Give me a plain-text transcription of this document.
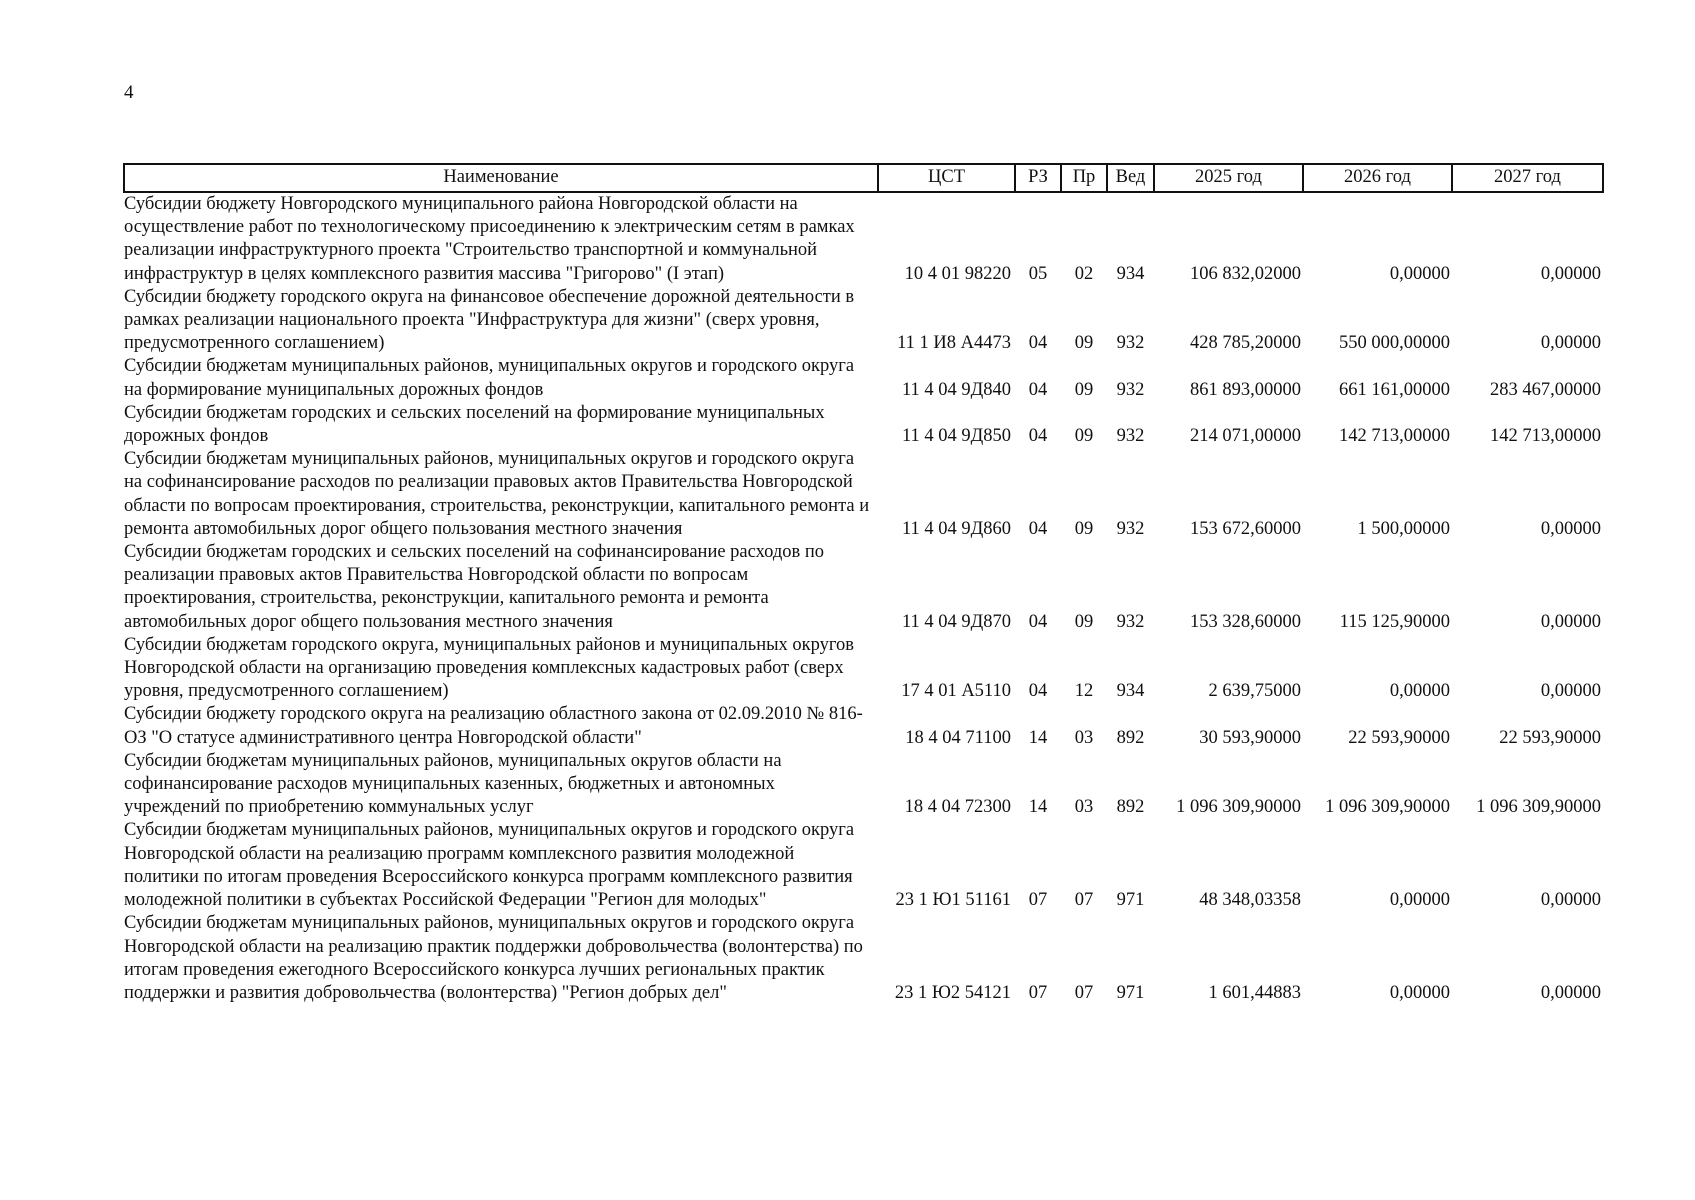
4
Наименование	ЦСТ	РЗ	Пр	Вед	2025 год	2026 год	2027 год
Субсидии бюджету Новгородского муниципального района Новгородской области на осуществление работ по технологическому присоединению к электрическим сетям в рамках реализации инфраструктурного проекта "Строительство транспортной и коммунальной инфраструктур в целях комплексного развития массива "Григорово" (I этап)	10 4 01 98220	05	02	934	106 832,02000	0,00000	0,00000
Субсидии бюджету городского округа на финансовое обеспечение дорожной деятельности в рамках реализации национального проекта "Инфраструктура для жизни" (сверх уровня, предусмотренного соглашением)	11 1 И8 А4473	04	09	932	428 785,20000	550 000,00000	0,00000
Субсидии бюджетам муниципальных районов, муниципальных округов и городского округа на формирование муниципальных дорожных фондов	11 4 04 9Д840	04	09	932	861 893,00000	661 161,00000	283 467,00000
Субсидии бюджетам городских и сельских поселений на формирование муниципальных дорожных фондов	11 4 04 9Д850	04	09	932	214 071,00000	142 713,00000	142 713,00000
Субсидии бюджетам муниципальных районов, муниципальных округов и городского округа на софинансирование расходов по реализации правовых актов Правительства Новгородской области по вопросам проектирования, строительства, реконструкции, капитального ремонта и ремонта автомобильных дорог общего пользования местного значения	11 4 04 9Д860	04	09	932	153 672,60000	1 500,00000	0,00000
Субсидии бюджетам городских и сельских поселений на софинансирование расходов по реализации правовых актов Правительства Новгородской области по вопросам проектирования, строительства, реконструкции, капитального ремонта и ремонта автомобильных дорог общего пользования местного значения	11 4 04 9Д870	04	09	932	153 328,60000	115 125,90000	0,00000
Субсидии бюджетам городского округа, муниципальных районов и муниципальных округов Новгородской области на организацию проведения комплексных кадастровых работ (сверх уровня, предусмотренного соглашением)	17 4 01 А5110	04	12	934	2 639,75000	0,00000	0,00000
Субсидии бюджету городского округа на реализацию областного закона от 02.09.2010 № 816-ОЗ "О статусе административного центра Новгородской области"	18 4 04 71100	14	03	892	30 593,90000	22 593,90000	22 593,90000
Субсидии бюджетам муниципальных районов, муниципальных округов области на софинансирование расходов муниципальных казенных, бюджетных и автономных учреждений по приобретению коммунальных услуг	18 4 04 72300	14	03	892	1 096 309,90000	1 096 309,90000	1 096 309,90000
Субсидии бюджетам муниципальных районов, муниципальных округов и городского округа Новгородской области на реализацию программ комплексного развития молодежной политики по итогам проведения Всероссийского конкурса программ комплексного развития молодежной политики в субъектах Российской Федерации "Регион для молодых"	23 1 Ю1 51161	07	07	971	48 348,03358	0,00000	0,00000
Субсидии бюджетам муниципальных районов, муниципальных округов и городского округа Новгородской области на реализацию практик поддержки добровольчества (волонтерства) по итогам проведения ежегодного Всероссийского конкурса лучших региональных практик поддержки и развития добровольчества (волонтерства) "Регион добрых дел"	23 1 Ю2 54121	07	07	971	1 601,44883	0,00000	0,00000
